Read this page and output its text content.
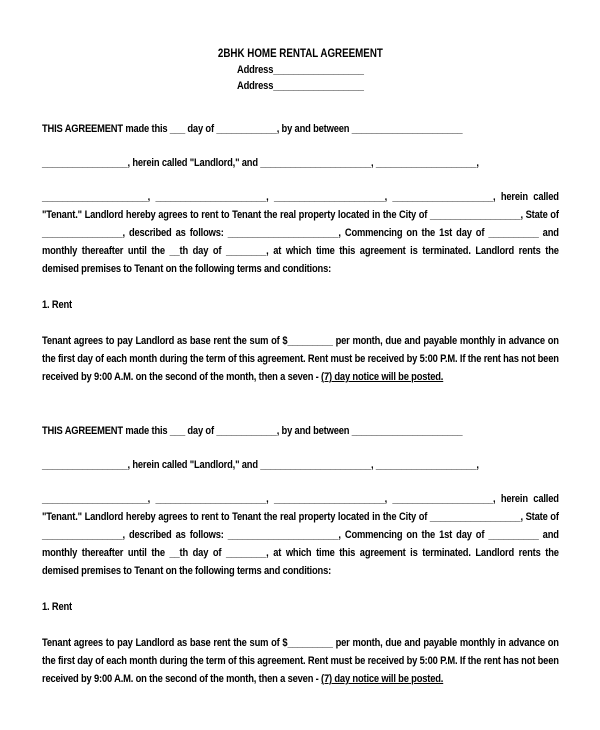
2BHK HOME RENTAL AGREEMENT
Address__________________
Address__________________

THIS AGREEMENT made this ___ day of ____________, by and between ______________________

_________________, herein called "Landlord," and ______________________, ____________________,

_____________________, ______________________, ______________________, ____________________, herein called "Tenant." Landlord hereby agrees to rent to Tenant the real property located in the City of __________________, State of ________________, described as follows: ______________________, Commencing on the 1st day of __________ and monthly thereafter until the __th day of ________, at which time this agreement is terminated. Landlord rents the demised premises to Tenant on the following terms and conditions:

1. Rent

Tenant agrees to pay Landlord as base rent the sum of $_________ per month, due and payable monthly in advance on the first day of each month during the term of this agreement. Rent must be received by 5:00 P.M. If the rent has not been received by 9:00 A.M. on the second of the month, then a seven - (7) day notice will be posted.

THIS AGREEMENT made this ___ day of ____________, by and between ______________________

_________________, herein called "Landlord," and ______________________, ____________________,

_____________________, ______________________, ______________________, ____________________, herein called "Tenant." Landlord hereby agrees to rent to Tenant the real property located in the City of __________________, State of ________________, described as follows: ______________________, Commencing on the 1st day of __________ and monthly thereafter until the __th day of ________, at which time this agreement is terminated. Landlord rents the demised premises to Tenant on the following terms and conditions:

1. Rent

Tenant agrees to pay Landlord as base rent the sum of $_________ per month, due and payable monthly in advance on the first day of each month during the term of this agreement. Rent must be received by 5:00 P.M. If the rent has not been received by 9:00 A.M. on the second of the month, then a seven - (7) day notice will be posted.
